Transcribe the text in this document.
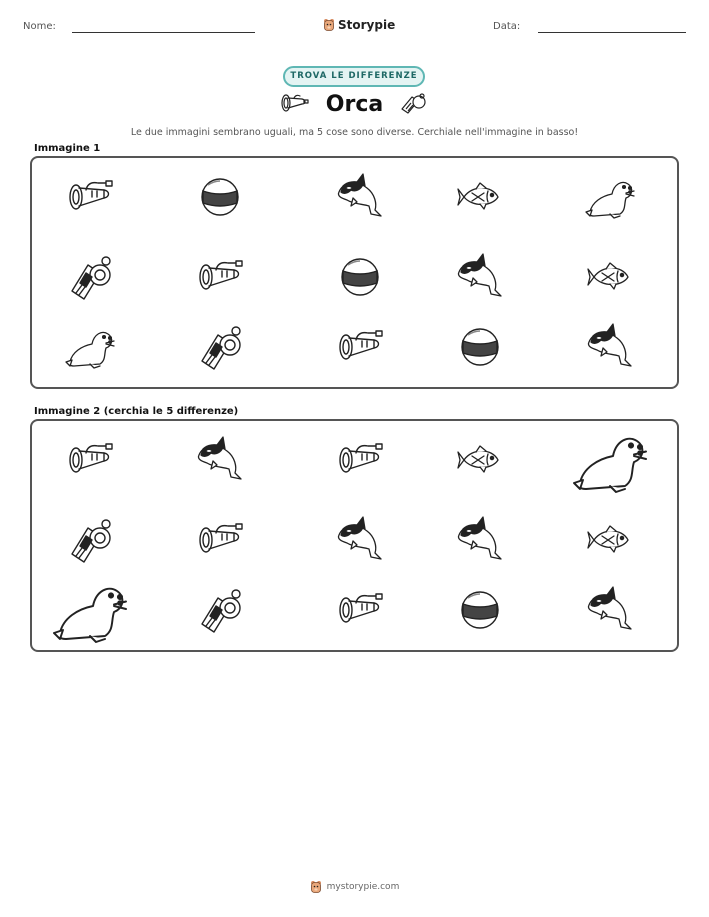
Nome:	Storypie	Data:
TROVA LE DIFFERENZE
Orca
Le due immagini sembrano uguali, ma 5 cose sono diverse. Cerchiale nell'immagine in basso!
Immagine 1
Immagine 2 (cerchia le 5 differenze)
mystorypie.com
